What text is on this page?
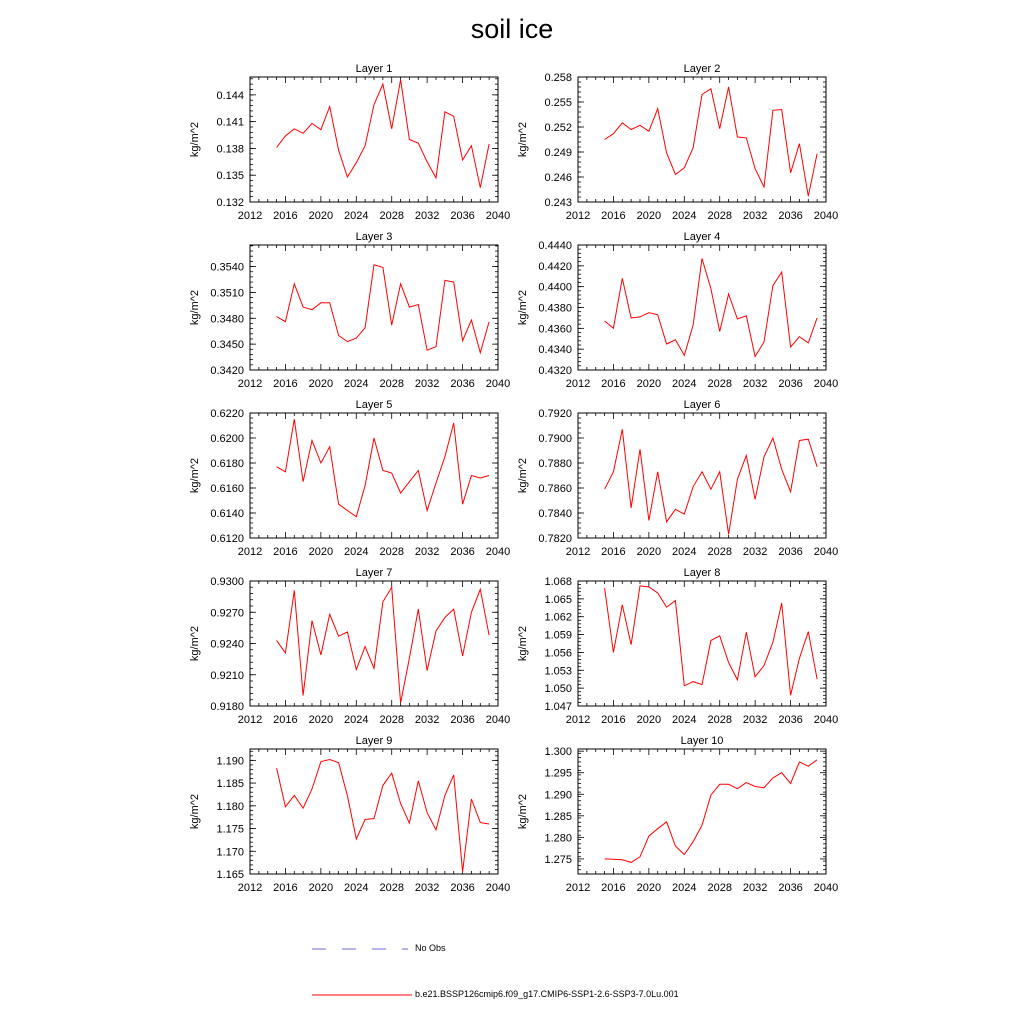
soil ice
Layer 1
kg/m^2
2012 2016 2020 2024 2028 2032 2036 2040
0.132
0.135
0.138
0.141
0.144
Layer 2
kg/m^2
2012 2016 2020 2024 2028 2032 2036 2040
0.243
0.246
0.249
0.252
0.255
0.258
Layer 3
kg/m^2
2012 2016 2020 2024 2028 2032 2036 2040
0.3420
0.3450
0.3480
0.3510
0.3540
Layer 4
kg/m^2
2012 2016 2020 2024 2028 2032 2036 2040
0.4320
0.4340
0.4360
0.4380
0.4400
0.4420
0.4440
Layer 5
kg/m^2
2012 2016 2020 2024 2028 2032 2036 2040
0.6120
0.6140
0.6160
0.6180
0.6200
0.6220
Layer 6
kg/m^2
2012 2016 2020 2024 2028 2032 2036 2040
0.7820
0.7840
0.7860
0.7880
0.7900
0.7920
Layer 7
kg/m^2
2012 2016 2020 2024 2028 2032 2036 2040
0.9180
0.9210
0.9240
0.9270
0.9300
Layer 8
kg/m^2
2012 2016 2020 2024 2028 2032 2036 2040
1.047
1.050
1.053
1.056
1.059
1.062
1.065
1.068
Layer 9
kg/m^2
2012 2016 2020 2024 2028 2032 2036 2040
1.165
1.170
1.175
1.180
1.185
1.190
Layer 10
kg/m^2
2012 2016 2020 2024 2028 2032 2036 2040
1.275
1.280
1.285
1.290
1.295
1.300
No Obs
b.e21.BSSP126cmip6.f09_g17.CMIP6-SSP1-2.6-SSP3-7.0Lu.001
